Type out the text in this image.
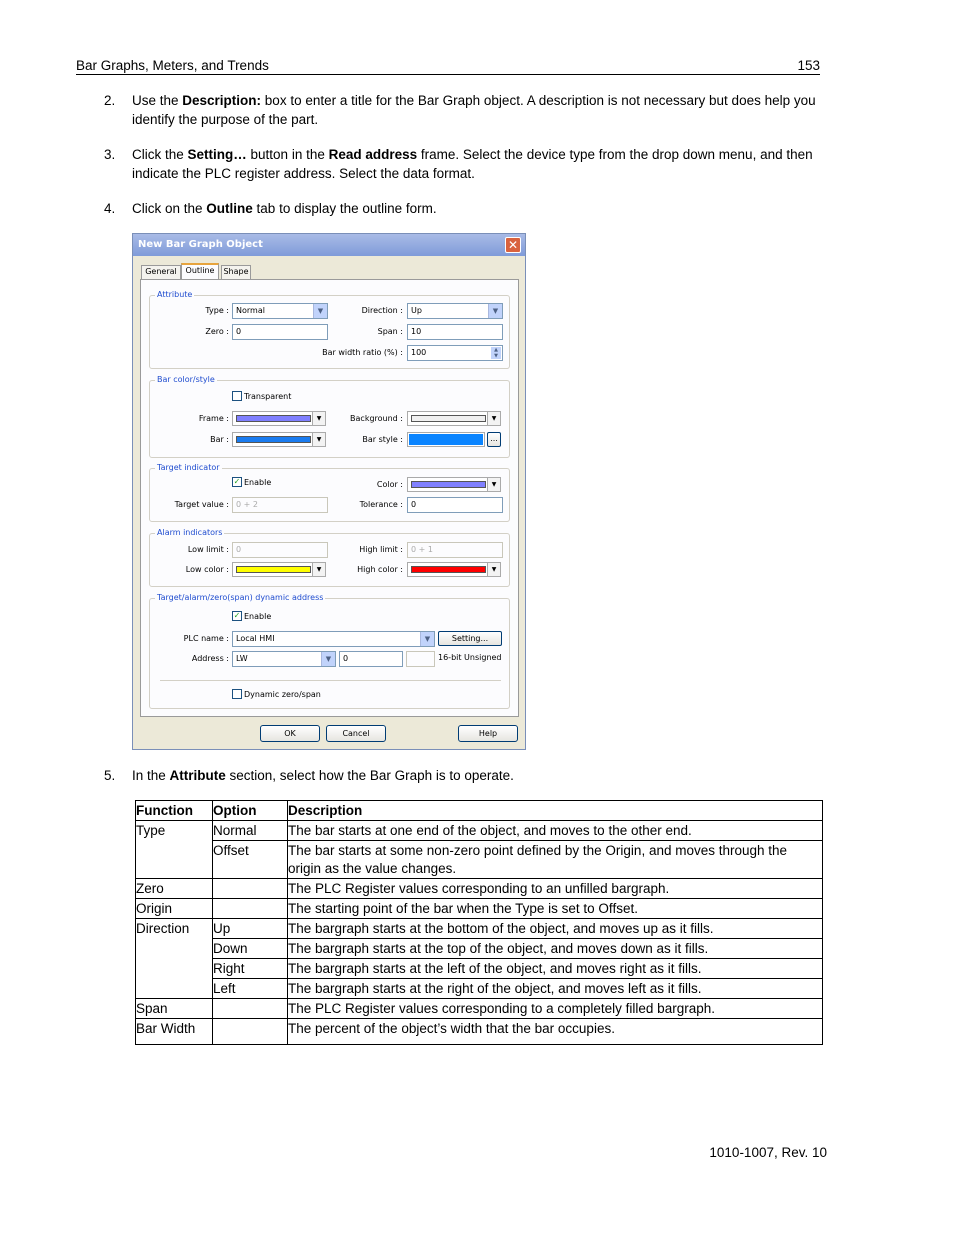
Bar Graphs, Meters, and Trends	153
2. Use the Description: box to enter a title for the Bar Graph object. A description is not necessary but does help you identify the purpose of the part.
3. Click the Setting… button in the Read address frame. Select the device type from the drop down menu, and then indicate the PLC register address. Select the data format.
4. Click on the Outline tab to display the outline form.
New Bar Graph Object	✕
General	Outline	Shape
Attribute
Type : Normal	▼	Direction :	Up	▼
Zero : 0	Span :	10
Bar width ratio (%) :	100	▲
▼
Bar color/style
Transparent
Frame :	▼	Background :	▼
Bar :	▼	Bar style :	...
Target indicator
✓ Enable	Color :	▼
Target value : 0 + 2	Tolerance :	0
Alarm indicators
Low limit : 0	High limit :	0 + 1
Low color :	▼	High color :	▼
Target/alarm/zero(span) dynamic address
✓ Enable
PLC name : Local HMI	▼	Setting...
Address : LW	▼	0	16-bit Unsigned
Dynamic zero/span
OK	Cancel	Help
5. In the Attribute section, select how the Bar Graph is to operate.
Function	Option	Description
Type	Normal	The bar starts at one end of the object, and moves to the other end.
	Offset	The bar starts at some non-zero point defined by the Origin, and moves through the origin as the value changes.
Zero		The PLC Register values corresponding to an unfilled bargraph.
Origin		The starting point of the bar when the Type is set to Offset.
Direction	Up	The bargraph starts at the bottom of the object, and moves up as it fills.
	Down	The bargraph starts at the top of the object, and moves down as it fills.
	Right	The bargraph starts at the left of the object, and moves right as it fills.
	Left	The bargraph starts at the right of the object, and moves left as it fills.
Span		The PLC Register values corresponding to a completely filled bargraph.
Bar Width		The percent of the object’s width that the bar occupies.
1010-1007, Rev. 10
